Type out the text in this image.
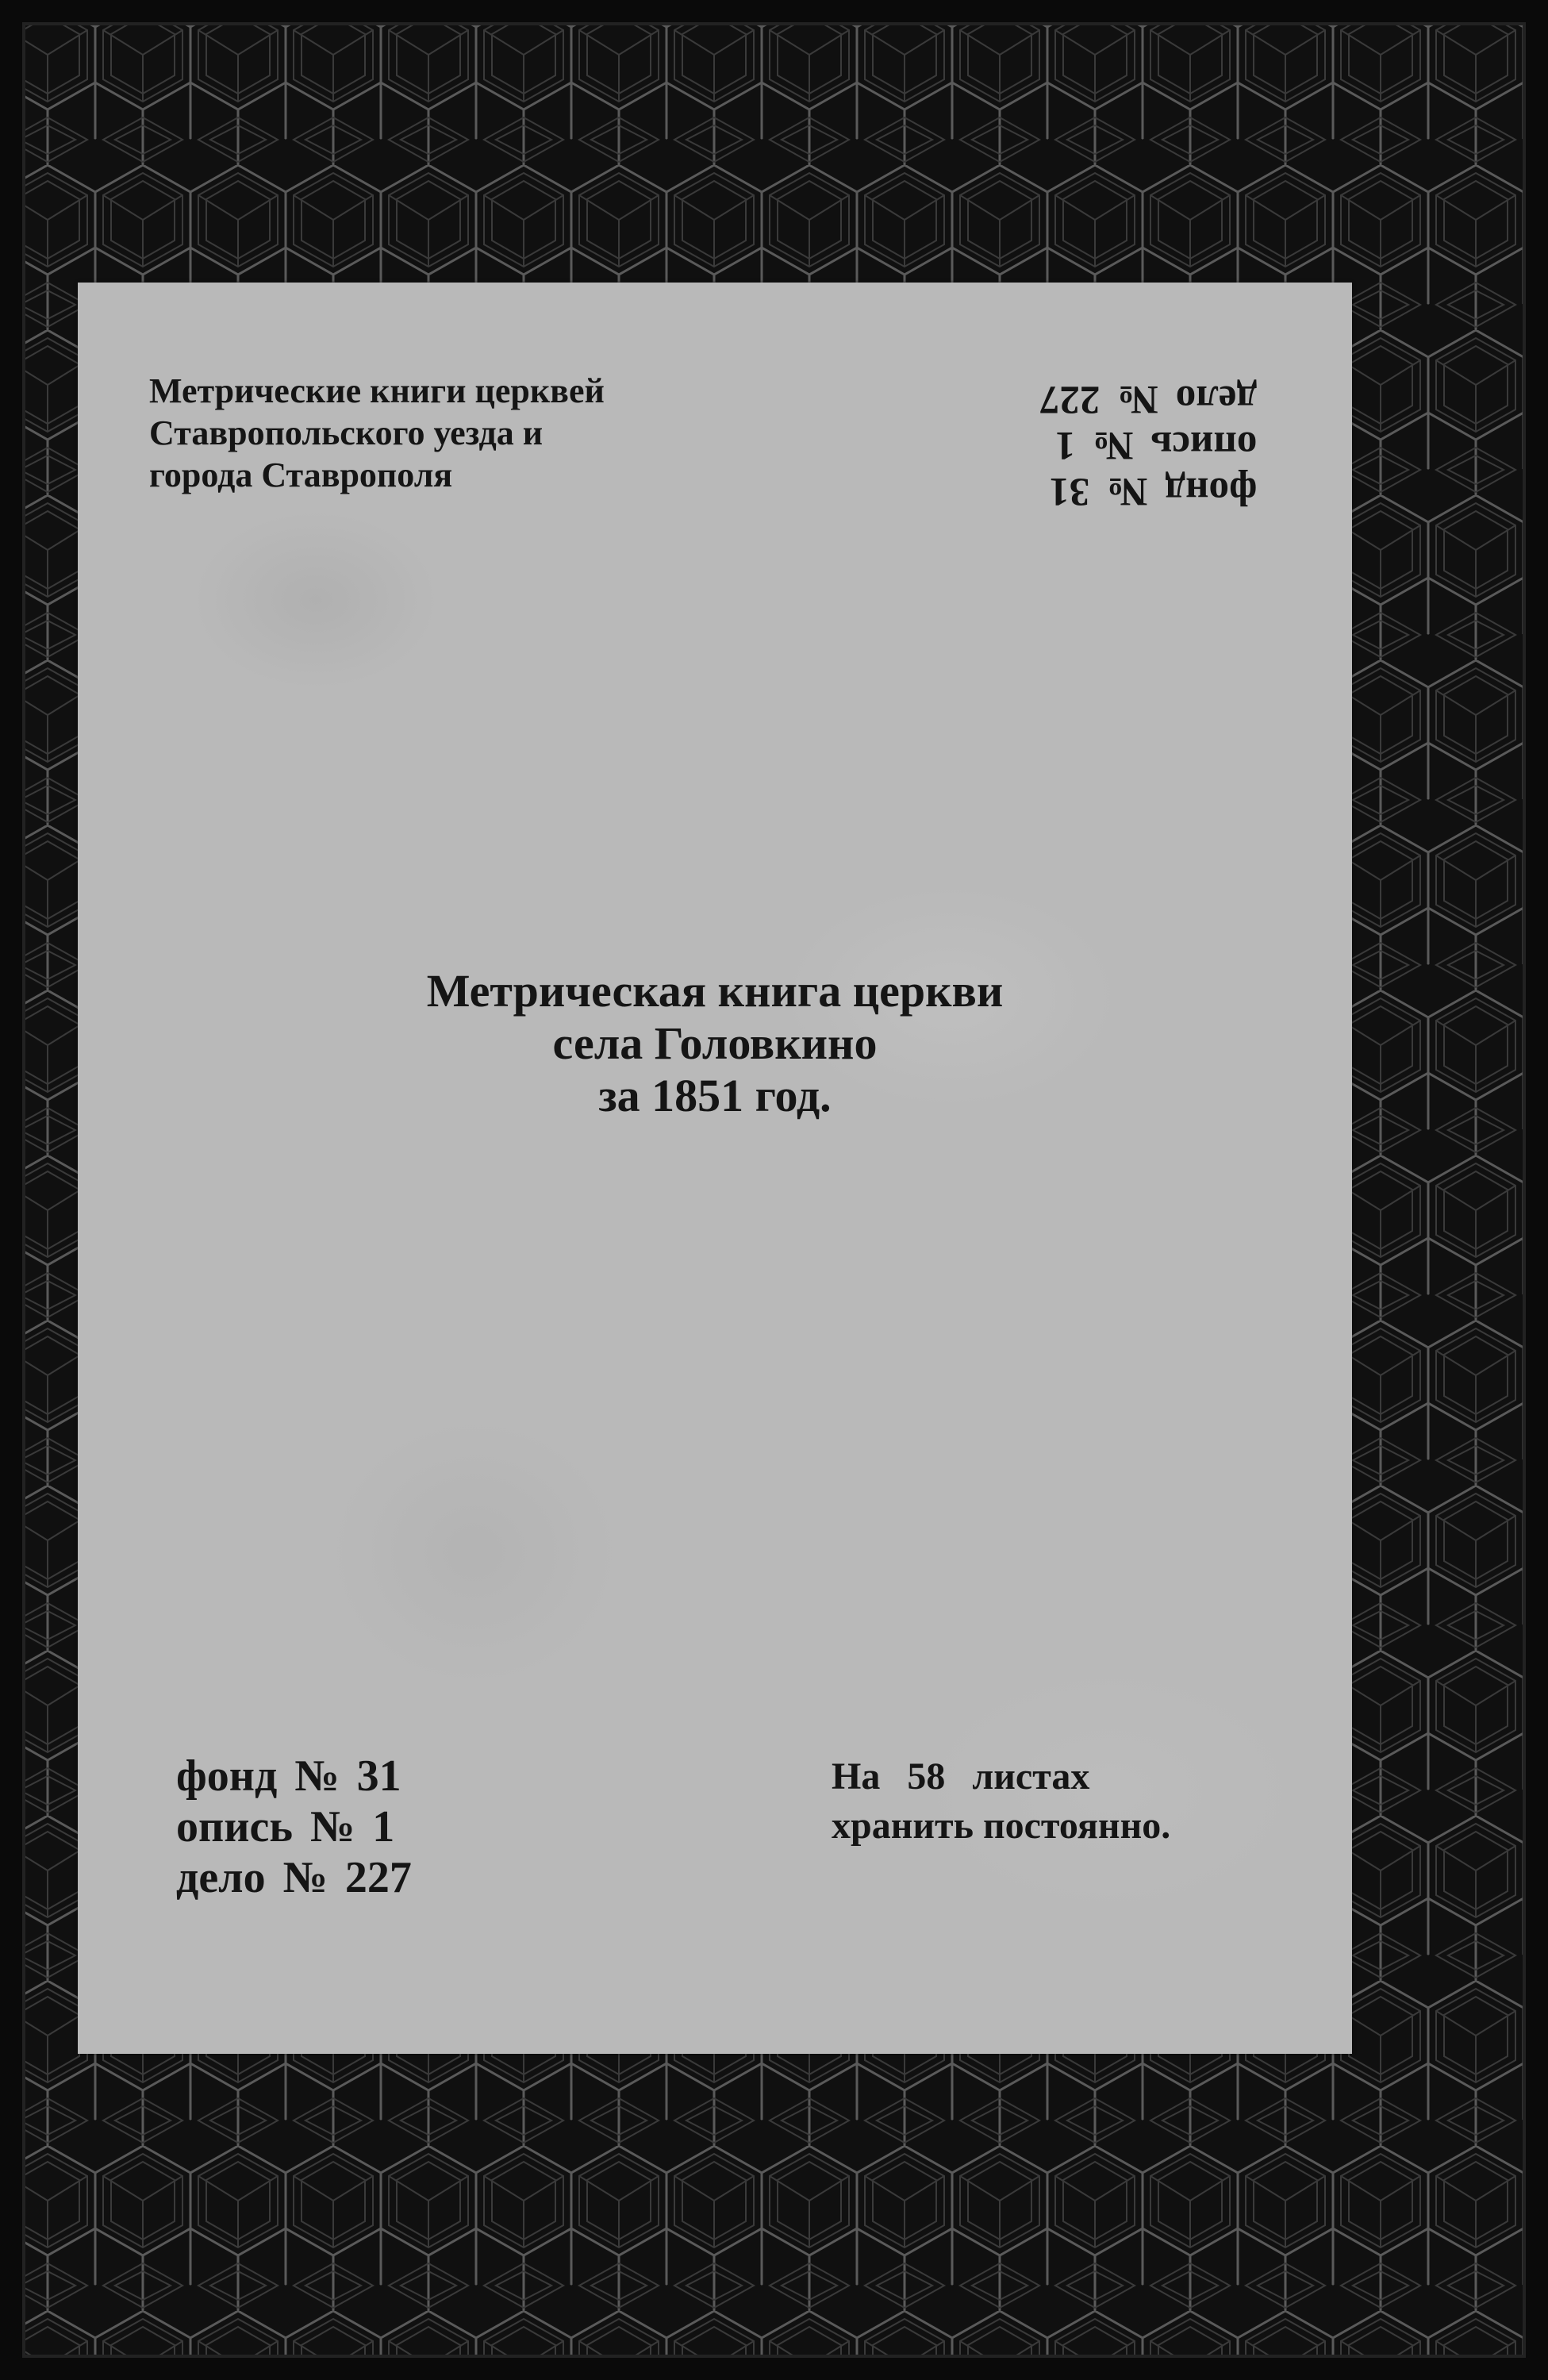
Метрические книги церквей
Ставропольского уезда и
города Ставрополя	фонд№31
опись№1
дело№227
Метрическая книга церкви
села Головкино
за 1851 год.
фонд № 31
опись № 1
дело № 227
На 58 листах
хранить постоянно.
